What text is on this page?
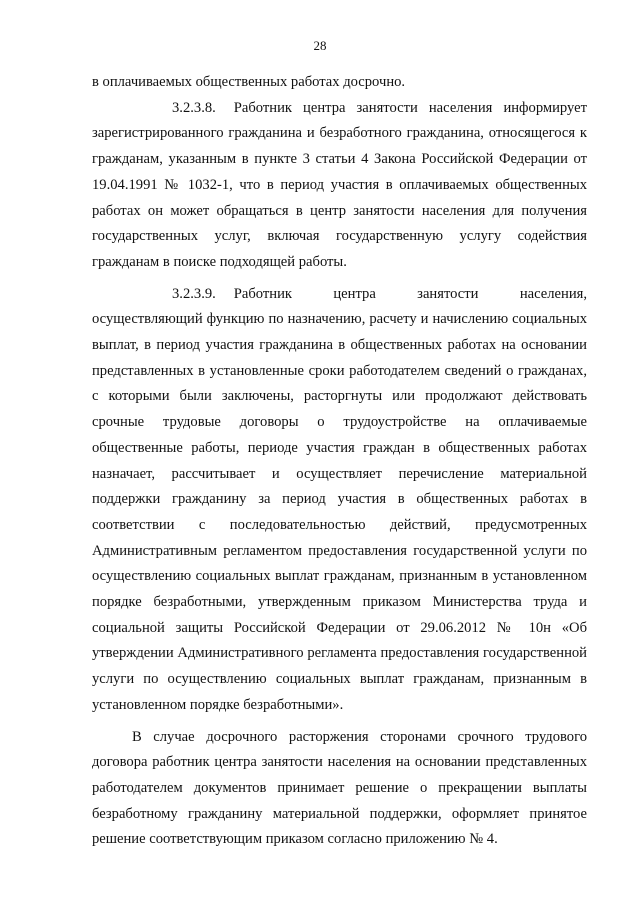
28

в оплачиваемых общественных работах досрочно.

3.2.3.8. Работник центра занятости населения информирует зарегистрированного гражданина и безработного гражданина, относящегося к гражданам, указанным в пункте 3 статьи 4 Закона Российской Федерации от 19.04.1991 № 1032-1, что в период участия в оплачиваемых общественных работах он может обращаться в центр занятости населения для получения государственных услуг, включая государственную услугу содействия гражданам в поиске подходящей работы.

3.2.3.9. Работник центра занятости населения, осуществляющий функцию по назначению, расчету и начислению социальных выплат, в период участия гражданина в общественных работах на основании представленных в установленные сроки работодателем сведений о гражданах, с которыми были заключены, расторгнуты или продолжают действовать срочные трудовые договоры о трудоустройстве на оплачиваемые общественные работы, периоде участия граждан в общественных работах назначает, рассчитывает и осуществляет перечисление материальной поддержки гражданину за период участия в общественных работах в соответствии с последовательностью действий, предусмотренных Административным регламентом предоставления государственной услуги по осуществлению социальных выплат гражданам, признанным в установленном порядке безработными, утвержденным приказом Министерства труда и социальной защиты Российской Федерации от 29.06.2012 № 10н «Об утверждении Административного регламента предоставления государственной услуги по осуществлению социальных выплат гражданам, признанным в установленном порядке безработными».

В случае досрочного расторжения сторонами срочного трудового договора работник центра занятости населения на основании представленных работодателем документов принимает решение о прекращении выплаты безработному гражданину материальной поддержки, оформляет принятое решение соответствующим приказом согласно приложению № 4.
